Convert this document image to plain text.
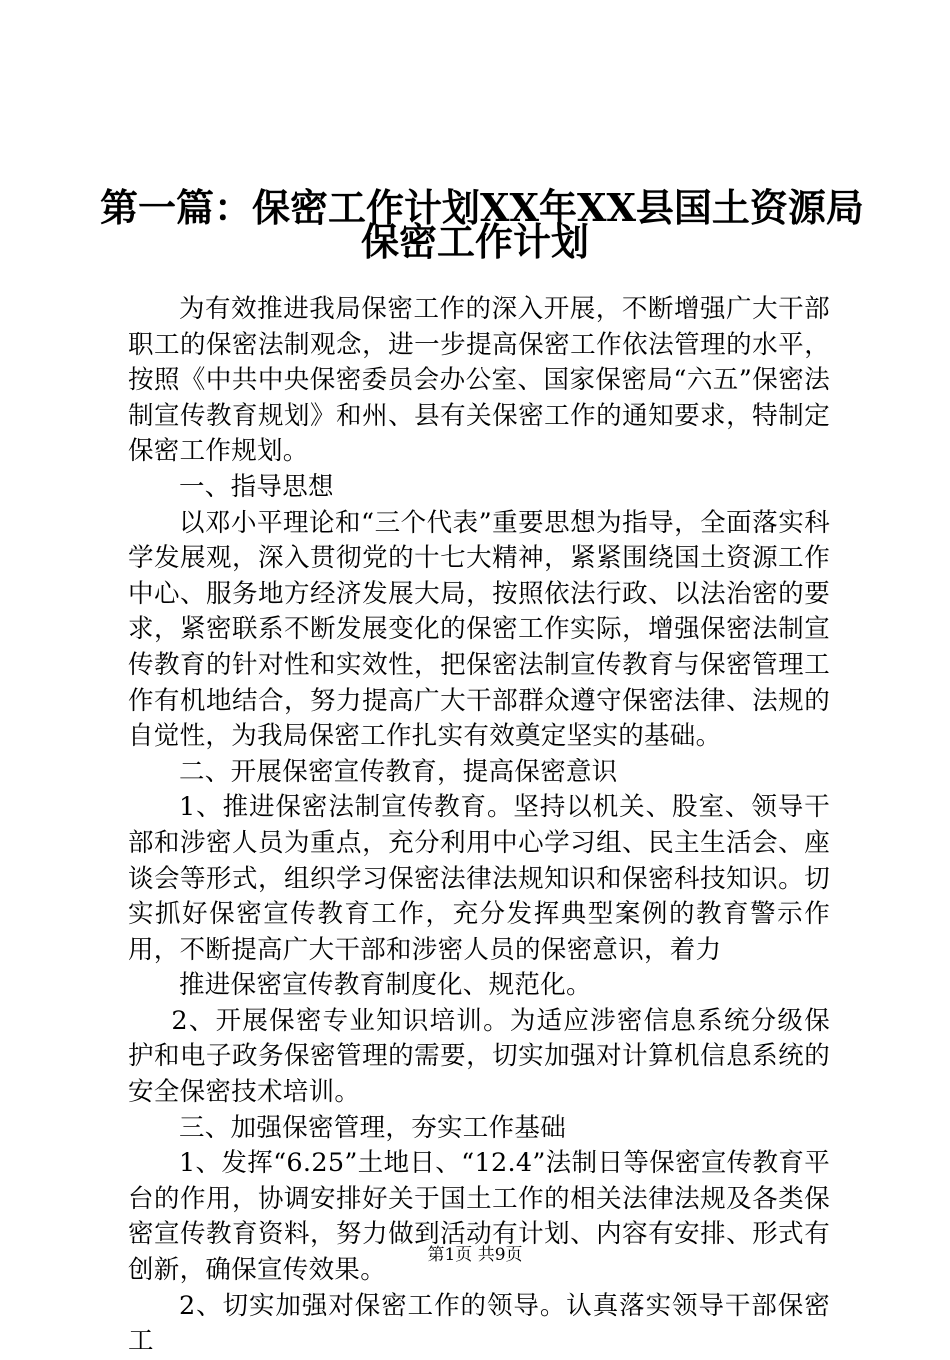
第一篇：保密工作计划XX年XX县国土资源局
保密工作计划

为有效推进我局保密工作的深入开展，不断增强广大干部职工的保密法制观念，进一步提高保密工作依法管理的水平，按照《中共中央保密委员会办公室、国家保密局“六五”保密法制宣传教育规划》和州、县有关保密工作的通知要求，特制定保密工作规划。

一、指导思想

以邓小平理论和“三个代表”重要思想为指导，全面落实科学发展观，深入贯彻党的十七大精神，紧紧围绕国土资源工作中心、服务地方经济发展大局，按照依法行政、以法治密的要求，紧密联系不断发展变化的保密工作实际，增强保密法制宣传教育的针对性和实效性，把保密法制宣传教育与保密管理工作有机地结合，努力提高广大干部群众遵守保密法律、法规的自觉性，为我局保密工作扎实有效奠定坚实的基础。

二、开展保密宣传教育，提高保密意识

1、推进保密法制宣传教育。坚持以机关、股室、领导干部和涉密人员为重点，充分利用中心学习组、民主生活会、座谈会等形式，组织学习保密法律法规知识和保密科技知识。切实抓好保密宣传教育工作，充分发挥典型案例的教育警示作用，不断提高广大干部和涉密人员的保密意识，着力

推进保密宣传教育制度化、规范化。

2、开展保密专业知识培训。为适应涉密信息系统分级保护和电子政务保密管理的需要，切实加强对计算机信息系统的安全保密技术培训。

三、加强保密管理，夯实工作基础

1、发挥“6.25”土地日、“12.4”法制日等保密宣传教育平台的作用，协调安排好关于国土工作的相关法律法规及各类保密宣传教育资料，努力做到活动有计划、内容有安排、形式有创新，确保宣传效果。

2、切实加强对保密工作的领导。认真落实领导干部保密工

第1页 共9页
